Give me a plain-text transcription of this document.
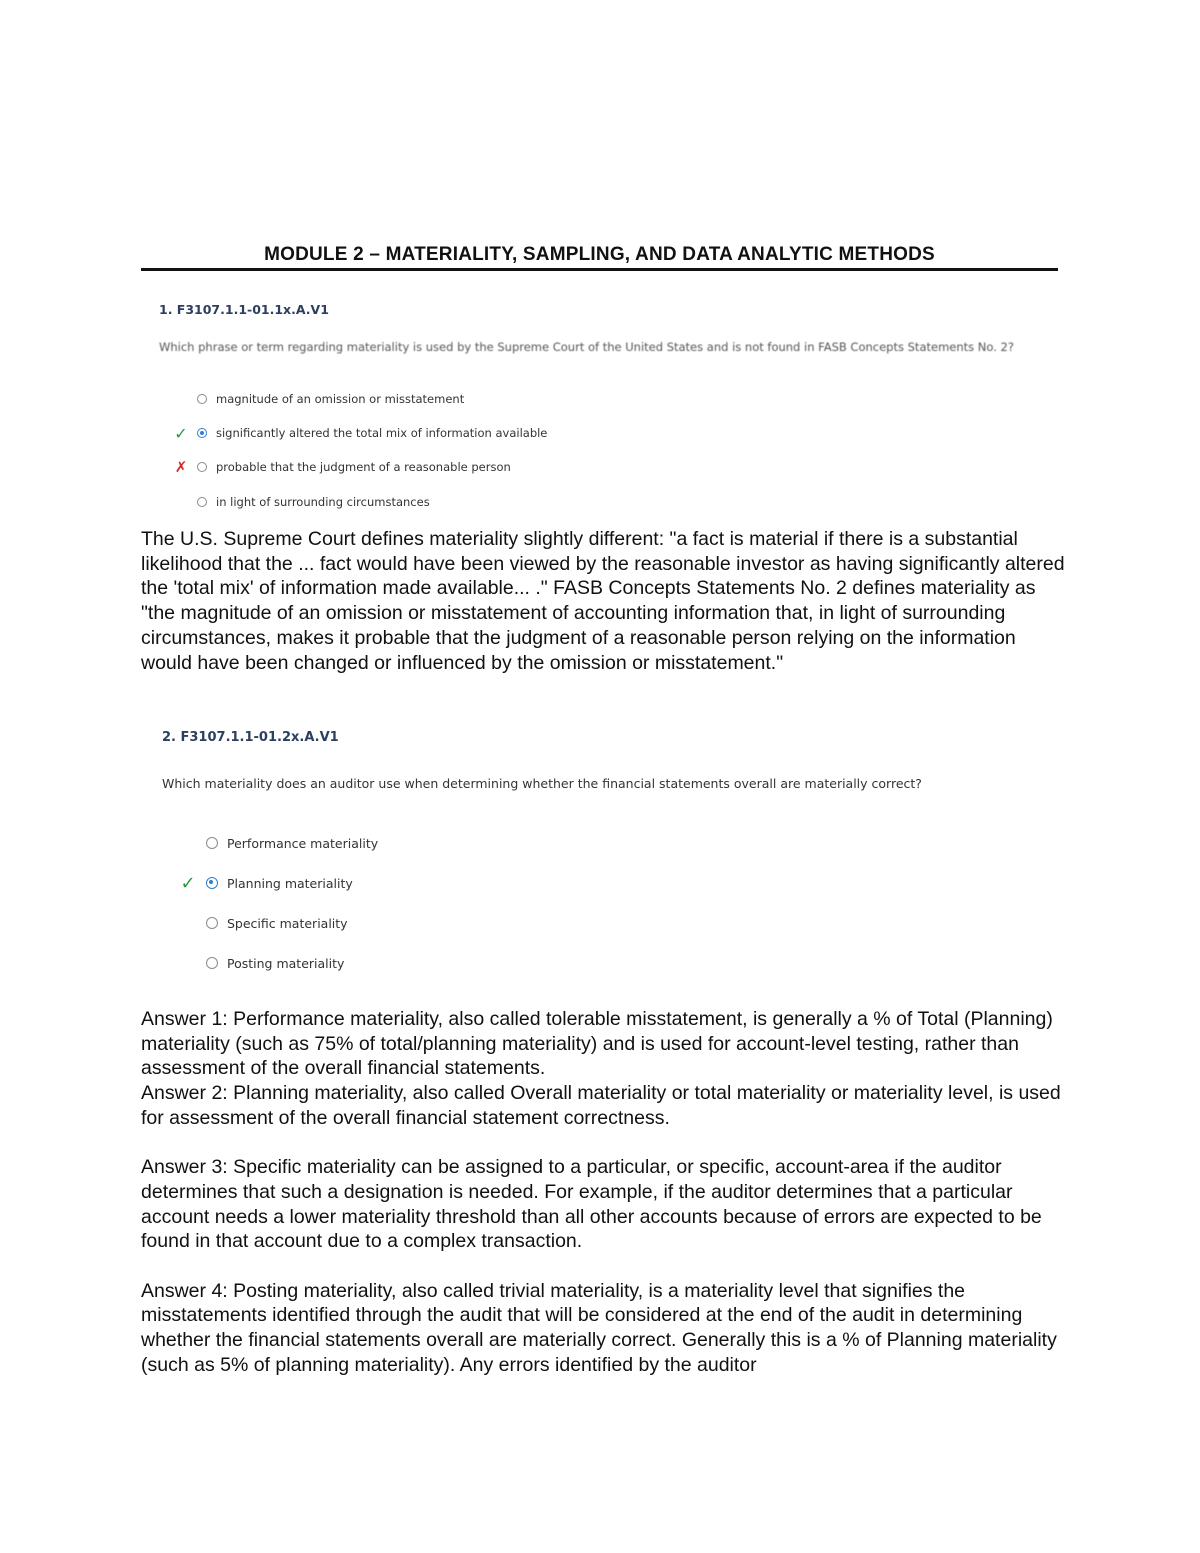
MODULE 2 – MATERIALITY, SAMPLING, AND DATA ANALYTIC METHODS
1. F3107.1.1-01.1x.A.V1
Which phrase or term regarding materiality is used by the Supreme Court of the United States and is not found in FASB Concepts Statements No. 2?
magnitude of an omission or misstatement
✓ significantly altered the total mix of information available
✗	probable that the judgment of a reasonable person
in light of surrounding circumstances

The U.S. Supreme Court defines materiality slightly different: "a fact is material if there is a substantial likelihood that the ... fact would have been viewed by the reasonable investor as having significantly altered the 'total mix' of information made available... ." FASB Concepts Statements No. 2 defines materiality as "the magnitude of an omission or misstatement of accounting information that, in light of surrounding circumstances, makes it probable that the judgment of a reasonable person relying on the information would have been changed or influenced by the omission or misstatement."

2. F3107.1.1-01.2x.A.V1
Which materiality does an auditor use when determining whether the financial statements overall are materially correct?
Performance materiality
✓	Planning materiality
Specific materiality
Posting materiality

Answer 1: Performance materiality, also called tolerable misstatement, is generally a % of Total (Planning) materiality (such as 75% of total/planning materiality) and is used for account-level testing, rather than assessment of the overall financial statements.

Answer 2: Planning materiality, also called Overall materiality or total materiality or materiality level, is used for assessment of the overall financial statement correctness.

Answer 3: Specific materiality can be assigned to a particular, or specific, account-area if the auditor determines that such a designation is needed. For example, if the auditor determines that a particular account needs a lower materiality threshold than all other accounts because of errors are expected to be found in that account due to a complex transaction.

Answer 4: Posting materiality, also called trivial materiality, is a materiality level that signifies the misstatements identified through the audit that will be considered at the end of the audit in determining whether the financial statements overall are materially correct. Generally this is a % of Planning materiality (such as 5% of planning materiality). Any errors identified by the auditor
